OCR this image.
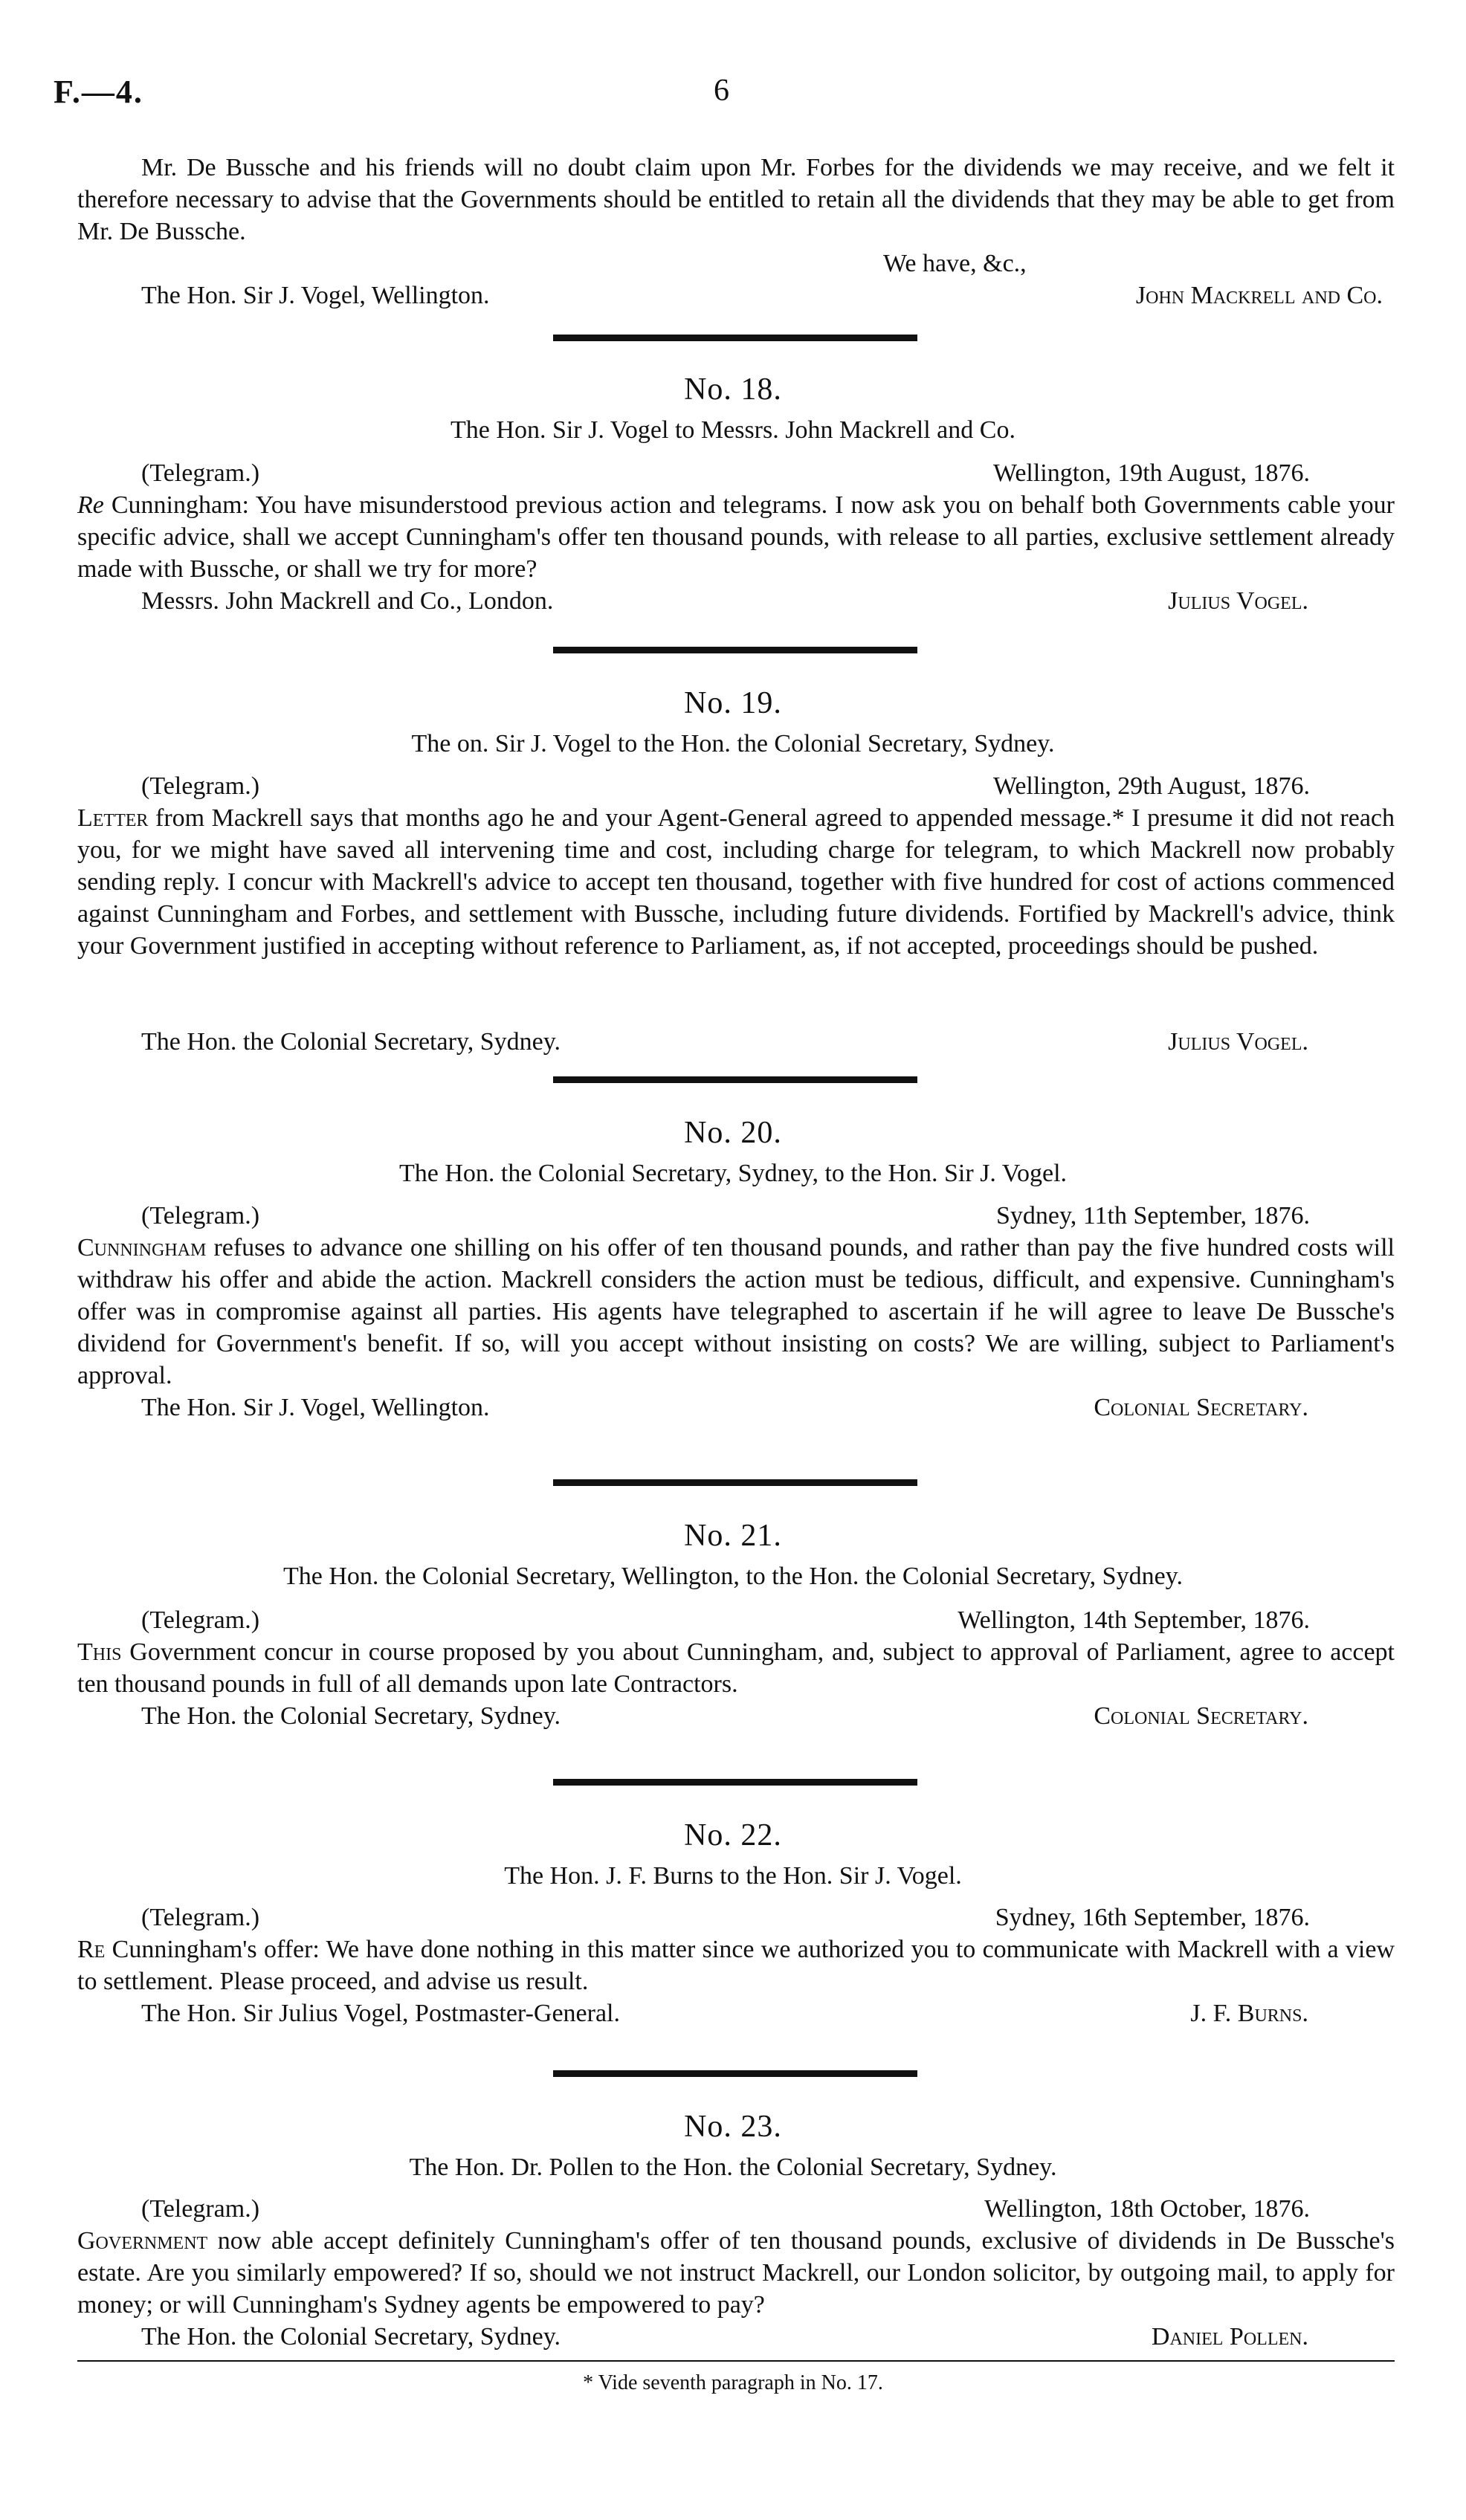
F.—4.	6
Mr. De Bussche and his friends will no doubt claim upon Mr. Forbes for the dividends we may receive, and we felt it therefore necessary to advise that the Governments should be entitled to retain all the dividends that they may be able to get from Mr. De Bussche.
We have, &c.,
The Hon. Sir J. Vogel, Wellington.	John Mackrell and Co.
No. 18.
The Hon. Sir J. Vogel to Messrs. John Mackrell and Co.
(Telegram.)	Wellington, 19th August, 1876.
Re Cunningham: You have misunderstood previous action and telegrams. I now ask you on behalf both Governments cable your specific advice, shall we accept Cunningham's offer ten thousand pounds, with release to all parties, exclusive settlement already made with Bussche, or shall we try for more?
Messrs. John Mackrell and Co., London.	Julius Vogel.
No. 19.
The on. Sir J. Vogel to the Hon. the Colonial Secretary, Sydney.
(Telegram.)	Wellington, 29th August, 1876.
Letter from Mackrell says that months ago he and your Agent-General agreed to appended message.* I presume it did not reach you, for we might have saved all intervening time and cost, including charge for telegram, to which Mackrell now probably sending reply. I concur with Mackrell's advice to accept ten thousand, together with five hundred for cost of actions commenced against Cunningham and Forbes, and settlement with Bussche, including future dividends. Fortified by Mackrell's advice, think your Government justified in accepting without reference to Parliament, as, if not accepted, proceedings should be pushed.
The Hon. the Colonial Secretary, Sydney.	Julius Vogel.
No. 20.
The Hon. the Colonial Secretary, Sydney, to the Hon. Sir J. Vogel.
(Telegram.)	Sydney, 11th September, 1876.
Cunningham refuses to advance one shilling on his offer of ten thousand pounds, and rather than pay the five hundred costs will withdraw his offer and abide the action. Mackrell considers the action must be tedious, difficult, and expensive. Cunningham's offer was in compromise against all parties. His agents have telegraphed to ascertain if he will agree to leave De Bussche's dividend for Government's benefit. If so, will you accept without insisting on costs? We are willing, subject to Parliament's approval.
The Hon. Sir J. Vogel, Wellington.	Colonial Secretary.
No. 21.
The Hon. the Colonial Secretary, Wellington, to the Hon. the Colonial Secretary, Sydney.
(Telegram.)	Wellington, 14th September, 1876.
This Government concur in course proposed by you about Cunningham, and, subject to approval of Parliament, agree to accept ten thousand pounds in full of all demands upon late Contractors.
The Hon. the Colonial Secretary, Sydney.	Colonial Secretary.
No. 22.
The Hon. J. F. Burns to the Hon. Sir J. Vogel.
(Telegram.)	Sydney, 16th September, 1876.
Re Cunningham's offer: We have done nothing in this matter since we authorized you to communicate with Mackrell with a view to settlement. Please proceed, and advise us result.
The Hon. Sir Julius Vogel, Postmaster-General.	J. F. Burns.
No. 23.
The Hon. Dr. Pollen to the Hon. the Colonial Secretary, Sydney.
(Telegram.)	Wellington, 18th October, 1876.
Government now able accept definitely Cunningham's offer of ten thousand pounds, exclusive of dividends in De Bussche's estate. Are you similarly empowered? If so, should we not instruct Mackrell, our London solicitor, by outgoing mail, to apply for money; or will Cunningham's Sydney agents be empowered to pay?
The Hon. the Colonial Secretary, Sydney.	Daniel Pollen.
* Vide seventh paragraph in No. 17.
